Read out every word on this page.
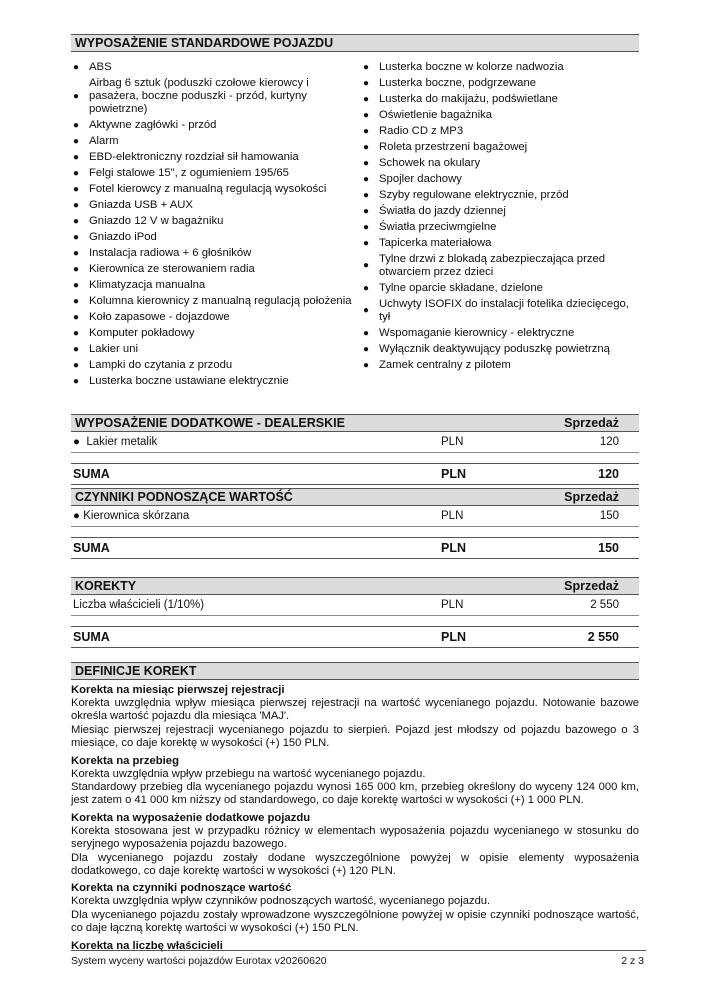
WYPOSAŻENIE STANDARDOWE POJAZDU
● ABS
●
Airbag 6 sztuk (poduszki czołowe kierowcy i pasażera, boczne poduszki - przód, kurtyny powietrzne)
● Aktywne zagłówki - przód
● Alarm
● EBD-elektroniczny rozdział sił hamowania
● Felgi stalowe 15", z ogumieniem 195/65
● Fotel kierowcy z manualną regulacją wysokości
● Gniazda USB + AUX
● Gniazdo 12 V w bagażniku
● Gniazdo iPod
● Instalacja radiowa + 6 głośników
● Kierownica ze sterowaniem radia
● Klimatyzacja manualna
● Kolumna kierownicy z manualną regulacją położenia
● Koło zapasowe - dojazdowe
● Komputer pokładowy
● Lakier uni
● Lampki do czytania z przodu
● Lusterka boczne ustawiane elektrycznie
● Lusterka boczne w kolorze nadwozia
● Lusterka boczne, podgrzewane
● Lusterka do makijażu, podświetlane
● Oświetlenie bagażnika
● Radio CD z MP3
● Roleta przestrzeni bagażowej
● Schowek na okulary
● Spojler dachowy
● Szyby regulowane elektrycznie, przód
● Światła do jazdy dziennej
● Światła przeciwmgielne
● Tapicerka materiałowa
●
Tylne drzwi z blokadą zabezpieczająca przed otwarciem przez dzieci
● Tylne oparcie składane, dzielone
●
Uchwyty ISOFIX do instalacji fotelika dziecięcego, tył
● Wspomaganie kierownicy - elektryczne
● Wyłącznik deaktywujący poduszkę powietrzną
● Zamek centralny z pilotem
WYPOSAŻENIE DODATKOWE - DEALERSKIE	Sprzedaż
● Lakier metalik	PLN	120
SUMA	PLN	120
CZYNNIKI PODNOSZĄCE WARTOŚĆ	Sprzedaż
● Kierownica skórzana	PLN	150
SUMA	PLN	150
KOREKTY	Sprzedaż
Liczba właścicieli (1/10%)	PLN	2 550
SUMA	PLN	2 550
DEFINICJE KOREKT
Korekta na miesiąc pierwszej rejestracji

Korekta uwzględnia wpływ miesiąca pierwszej rejestracji na wartość wycenianego pojazdu. Notowanie bazowe określa wartość pojazdu dla miesiąca 'MAJ'.

Miesiąc pierwszej rejestracji wycenianego pojazdu to sierpień. Pojazd jest młodszy od pojazdu bazowego o 3 miesiące, co daje korektę w wysokości (+) 150 PLN.

Korekta na przebieg

Korekta uwzględnia wpływ przebiegu na wartość wycenianego pojazdu.

Standardowy przebieg dla wycenianego pojazdu wynosi 165 000 km, przebieg określony do wyceny 124 000 km, jest zatem o 41 000 km niższy od standardowego, co daje korektę wartości w wysokości (+) 1 000 PLN.

Korekta na wyposażenie dodatkowe pojazdu

Korekta stosowana jest w przypadku różnicy w elementach wyposażenia pojazdu wycenianego w stosunku do seryjnego wyposażenia pojazdu bazowego.

Dla wycenianego pojazdu zostały dodane wyszczególnione powyżej w opisie elementy wyposażenia dodatkowego, co daje korektę wartości w wysokości (+) 120 PLN.

Korekta na czynniki podnoszące wartość

Korekta uwzględnia wpływ czynników podnoszących wartość, wycenianego pojazdu.

Dla wycenianego pojazdu zostały wprowadzone wyszczególnione powyżej w opisie czynniki podnoszące wartość, co daje łączną korektę wartości w wysokości (+) 150 PLN.

Korekta na liczbę właścicieli
System wyceny wartości pojazdów Eurotax v20260620	2 z 3
